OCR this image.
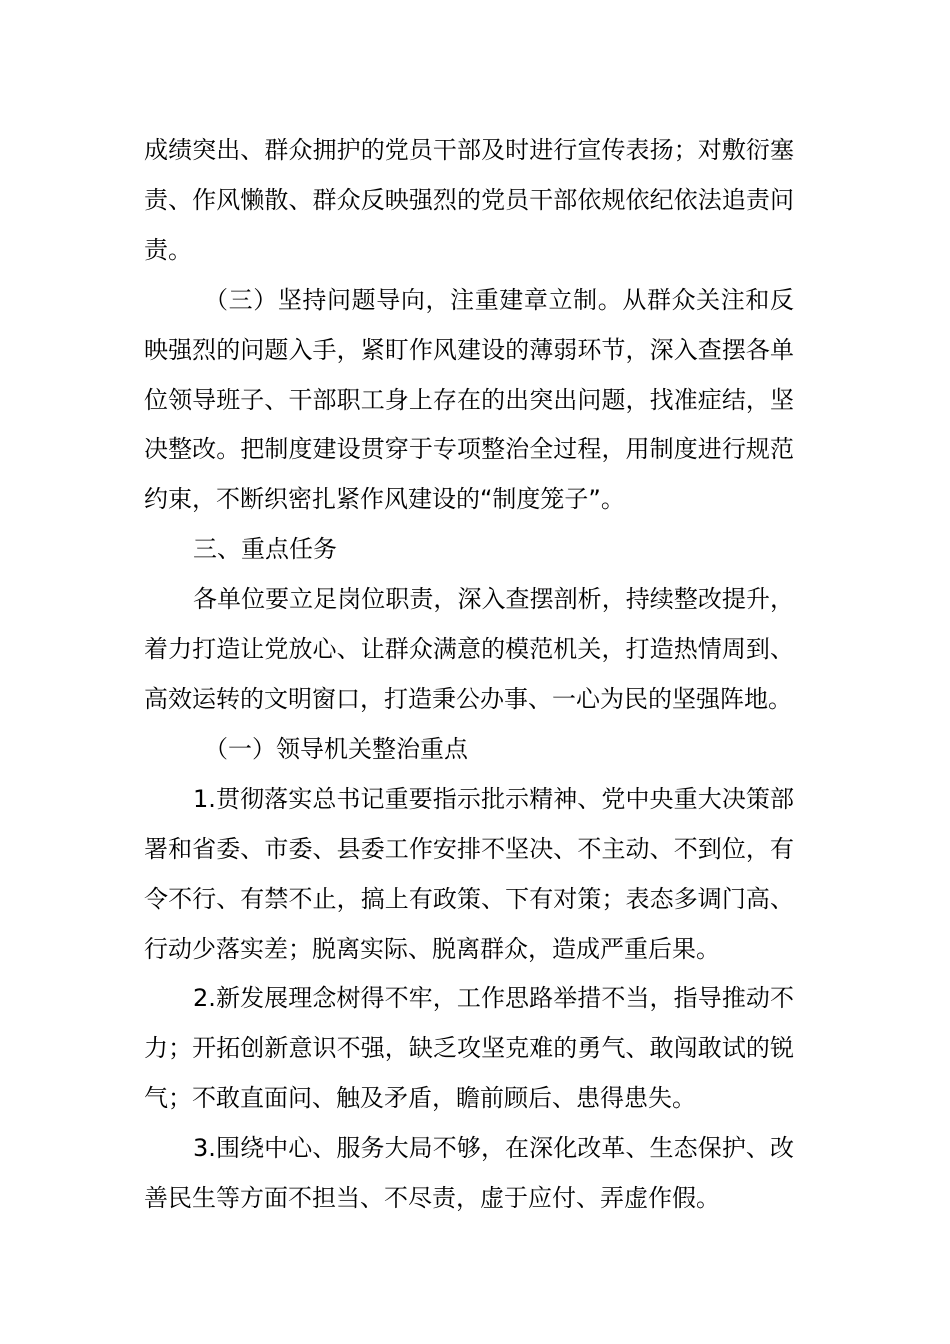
成绩突出、群众拥护的党员干部及时进行宣传表扬；对敷衍塞责、作风懒散、群众反映强烈的党员干部依规依纪依法追责问责。

（三）坚持问题导向，注重建章立制。从群众关注和反映强烈的问题入手，紧盯作风建设的薄弱环节，深入查摆各单位领导班子、干部职工身上存在的出突出问题，找准症结，坚决整改。把制度建设贯穿于专项整治全过程，用制度进行规范约束，不断织密扎紧作风建设的“制度笼子”。

三、重点任务

各单位要立足岗位职责，深入查摆剖析，持续整改提升，着力打造让党放心、让群众满意的模范机关，打造热情周到、高效运转的文明窗口，打造秉公办事、一心为民的坚强阵地。

（一）领导机关整治重点

1.贯彻落实总书记重要指示批示精神、党中央重大决策部署和省委、市委、县委工作安排不坚决、不主动、不到位，有令不行、有禁不止，搞上有政策、下有对策；表态多调门高、行动少落实差；脱离实际、脱离群众，造成严重后果。

2.新发展理念树得不牢，工作思路举措不当，指导推动不力；开拓创新意识不强，缺乏攻坚克难的勇气、敢闯敢试的锐气；不敢直面问、触及矛盾，瞻前顾后、患得患失。

3.围绕中心、服务大局不够，在深化改革、生态保护、改善民生等方面不担当、不尽责，虚于应付、弄虚作假。
